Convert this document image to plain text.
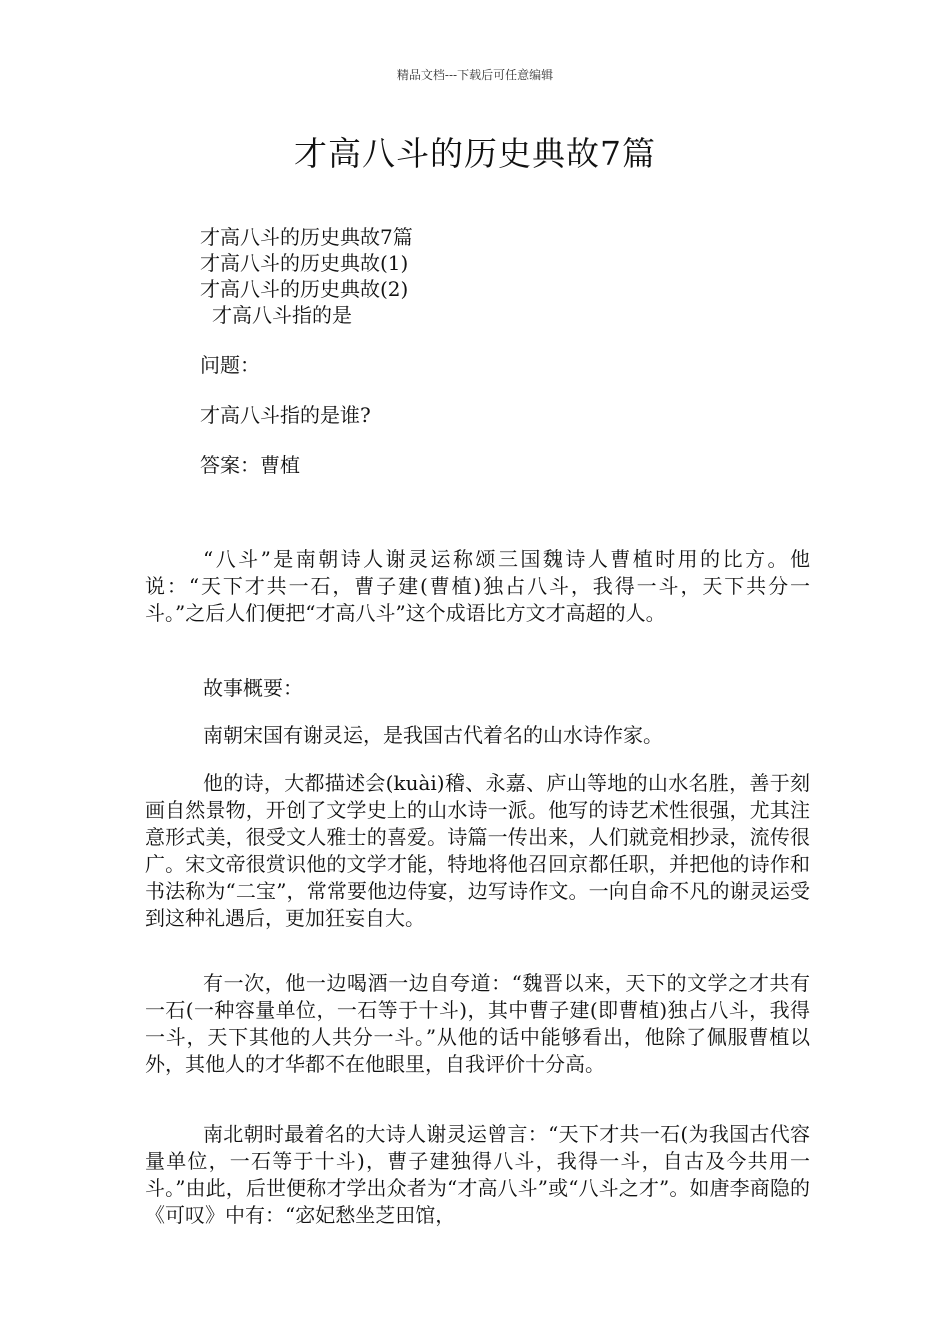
精品文档---下载后可任意编辑
才高八斗的历史典故7篇
才高八斗的历史典故7篇
才高八斗的历史典故(1)
才高八斗的历史典故(2)
才高八斗指的是
问题：
才高八斗指的是谁?
答案：曹植
“八斗”是南朝诗人谢灵运称颂三国魏诗人曹植时用的比方。他说：“天下才共一石，曹子建(曹植)独占八斗，我得一斗，天下共分一斗。”之后人们便把“才高八斗”这个成语比方文才高超的人。
故事概要：
南朝宋国有谢灵运，是我国古代着名的山水诗作家。
他的诗，大都描述会(kuài)稽、永嘉、庐山等地的山水名胜，善于刻画自然景物，开创了文学史上的山水诗一派。他写的诗艺术性很强，尤其注意形式美，很受文人雅士的喜爱。诗篇一传出来，人们就竞相抄录，流传很广。宋文帝很赏识他的文学才能，特地将他召回京都任职，并把他的诗作和书法称为“二宝”，常常要他边侍宴，边写诗作文。一向自命不凡的谢灵运受到这种礼遇后，更加狂妄自大。
有一次，他一边喝酒一边自夸道：“魏晋以来，天下的文学之才共有一石(一种容量单位，一石等于十斗)，其中曹子建(即曹植)独占八斗，我得一斗，天下其他的人共分一斗。”从他的话中能够看出，他除了佩服曹植以外，其他人的才华都不在他眼里，自我评价十分高。
南北朝时最着名的大诗人谢灵运曾言：“天下才共一石(为我国古代容量单位，一石等于十斗)，曹子建独得八斗，我得一斗，自古及今共用一斗。”由此，后世便称才学出众者为“才高八斗”或“八斗之才”。如唐李商隐的《可叹》中有：“宓妃愁坐芝田馆，
